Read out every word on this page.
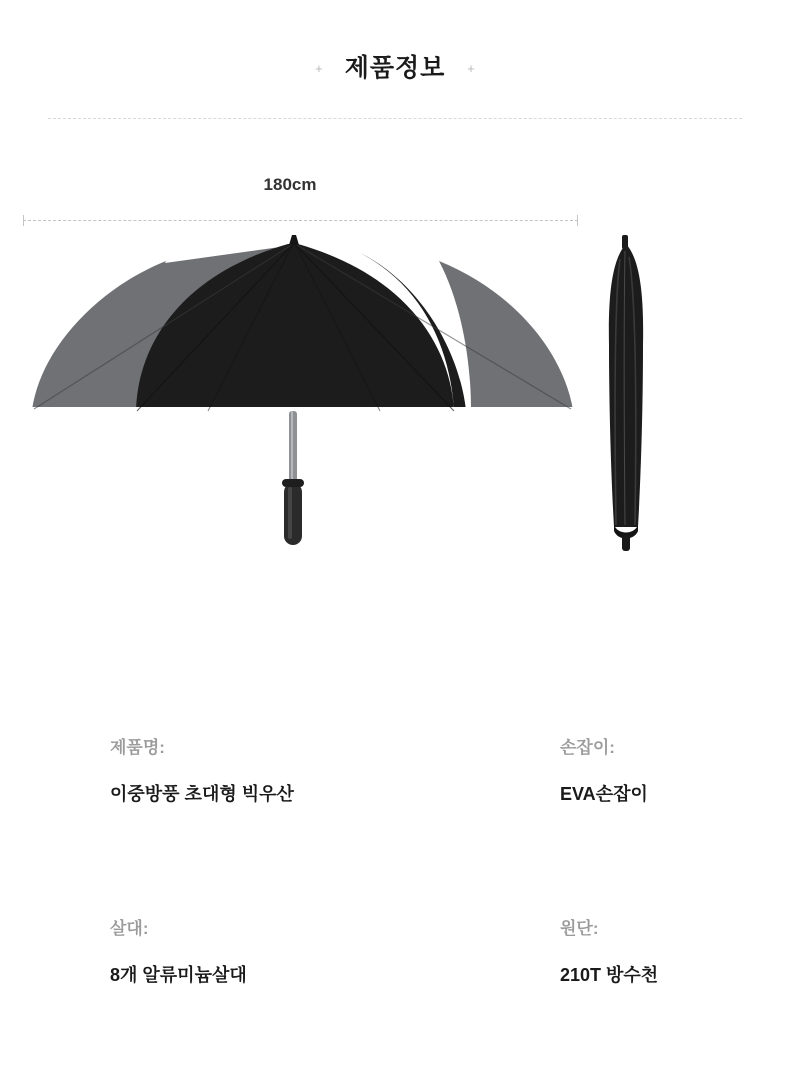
+ 제품정보 +
180cm
제품명:
이중방풍 초대형 빅우산
손잡이:
EVA손잡이
살대:
8개 알류미늄살대
원단:
210T 방수천
